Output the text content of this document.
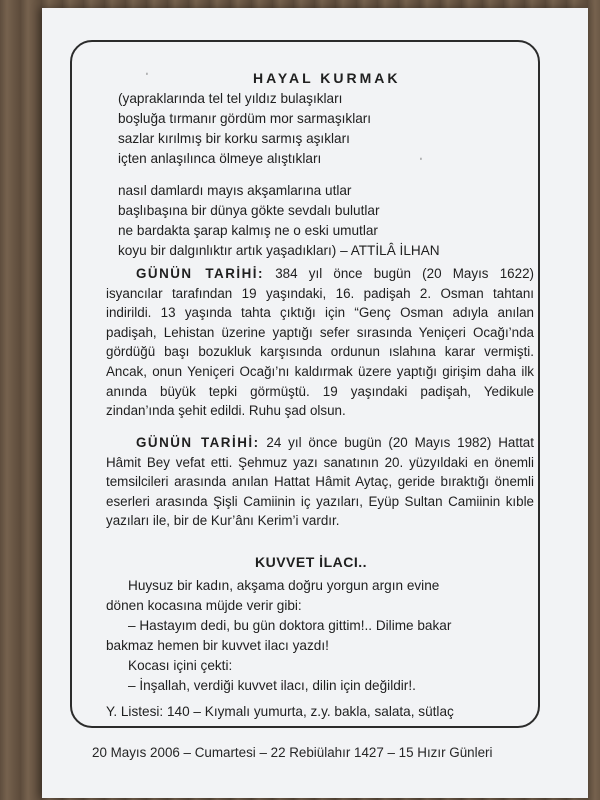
ʹ
ʹ
HAYAL KURMAK
(yapraklarında tel tel yıldız bulaşıkları
boşluğa tırmanır gördüm mor sarmaşıkları
sazlar kırılmış bir korku sarmış aşıkları
içten anlaşılınca ölmeye alıştıkları
nasıl damlardı mayıs akşamlarına utlar
başlıbaşına bir dünya gökte sevdalı bulutlar
ne bardakta şarap kalmış ne o eski umutlar
koyu bir dalgınlıktır artık yaşadıkları) – ATTİLÂ İLHAN
GÜNÜN TARİHİ: 384 yıl önce bugün (20 Mayıs 1622) isyancılar tarafından 19 yaşındaki, 16. padişah 2. Osman tahtanı indirildi. 13 yaşında tahta çıktığı için “Genç Osman adıyla anılan padişah, Lehistan üzerine yaptığı sefer sırasında Yeniçeri Ocağı’nda gördüğü başı bozukluk karşısında ordunun ıslahına karar vermişti. Ancak, onun Yeniçeri Ocağı’nı kaldırmak üzere yaptığı girişim daha ilk anında büyük tepki görmüştü. 19 yaşındaki padişah, Yedikule zindan’ında şehit edildi. Ruhu şad olsun.
GÜNÜN TARİHİ: 24 yıl önce bugün (20 Mayıs 1982) Hattat Hâmit Bey vefat etti. Şehmuz yazı sanatının 20. yüzyıldaki en önemli temsilcileri arasında anılan Hattat Hâmit Aytaç, geride bıraktığı önemli eserleri arasında Şişli Camiinin iç yazıları, Eyüp Sultan Camiinin kıble yazıları ile, bir de Kur’ânı Kerim’i vardır.
KUVVET İLACI..
Huysuz bir kadın, akşama doğru yorgun argın evine
dönen kocasına müjde verir gibi:
– Hastayım dedi, bu gün doktora gittim!.. Dilime bakar
bakmaz hemen bir kuvvet ilacı yazdı!
Kocası içini çekti:
– İnşallah, verdiği kuvvet ilacı, dilin için değildir!.
Y. Listesi: 140 – Kıymalı yumurta, z.y. bakla, salata, sütlaç
20 Mayıs 2006 – Cumartesi – 22 Rebiülahır 1427 – 15 Hızır Günleri
